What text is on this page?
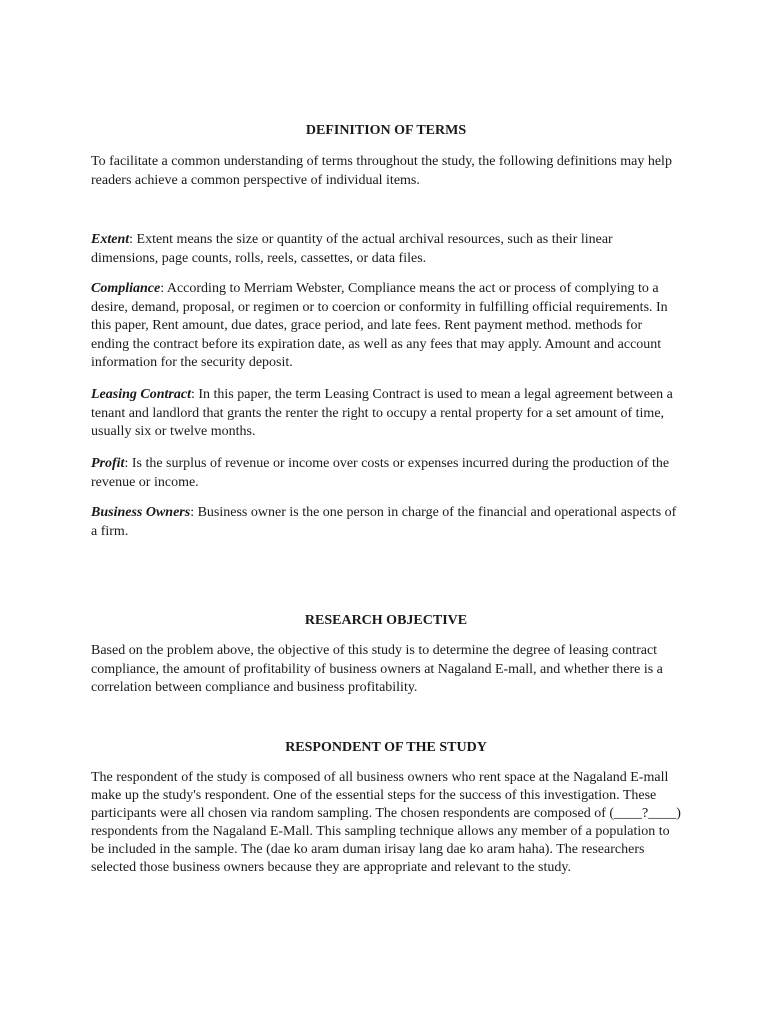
DEFINITION OF TERMS

To facilitate a common understanding of terms throughout the study, the following definitions may help readers achieve a common perspective of individual items.

Extent: Extent means the size or quantity of the actual archival resources, such as their linear dimensions, page counts, rolls, reels, cassettes, or data files.

Compliance: According to Merriam Webster, Compliance means the act or process of complying to a desire, demand, proposal, or regimen or to coercion or conformity in fulfilling official requirements. In this paper, Rent amount, due dates, grace period, and late fees. Rent payment method. methods for ending the contract before its expiration date, as well as any fees that may apply. Amount and account information for the security deposit.

Leasing Contract: In this paper, the term Leasing Contract is used to mean a legal agreement between a tenant and landlord that grants the renter the right to occupy a rental property for a set amount of time, usually six or twelve months.

Profit: Is the surplus of revenue or income over costs or expenses incurred during the production of the revenue or income.

Business Owners: Business owner is the one person in charge of the financial and operational aspects of a firm.

RESEARCH OBJECTIVE

Based on the problem above, the objective of this study is to determine the degree of leasing contract compliance, the amount of profitability of business owners at Nagaland E-mall, and whether there is a correlation between compliance and business profitability.

RESPONDENT OF THE STUDY

The respondent of the study is composed of all business owners who rent space at the Nagaland E-mall make up the study's respondent. One of the essential steps for the success of this investigation. These participants were all chosen via random sampling. The chosen respondents are composed of (____?____) respondents from the Nagaland E-Mall. This sampling technique allows any member of a population to be included in the sample. The (dae ko aram duman irisay lang dae ko aram haha). The researchers selected those business owners because they are appropriate and relevant to the study.
